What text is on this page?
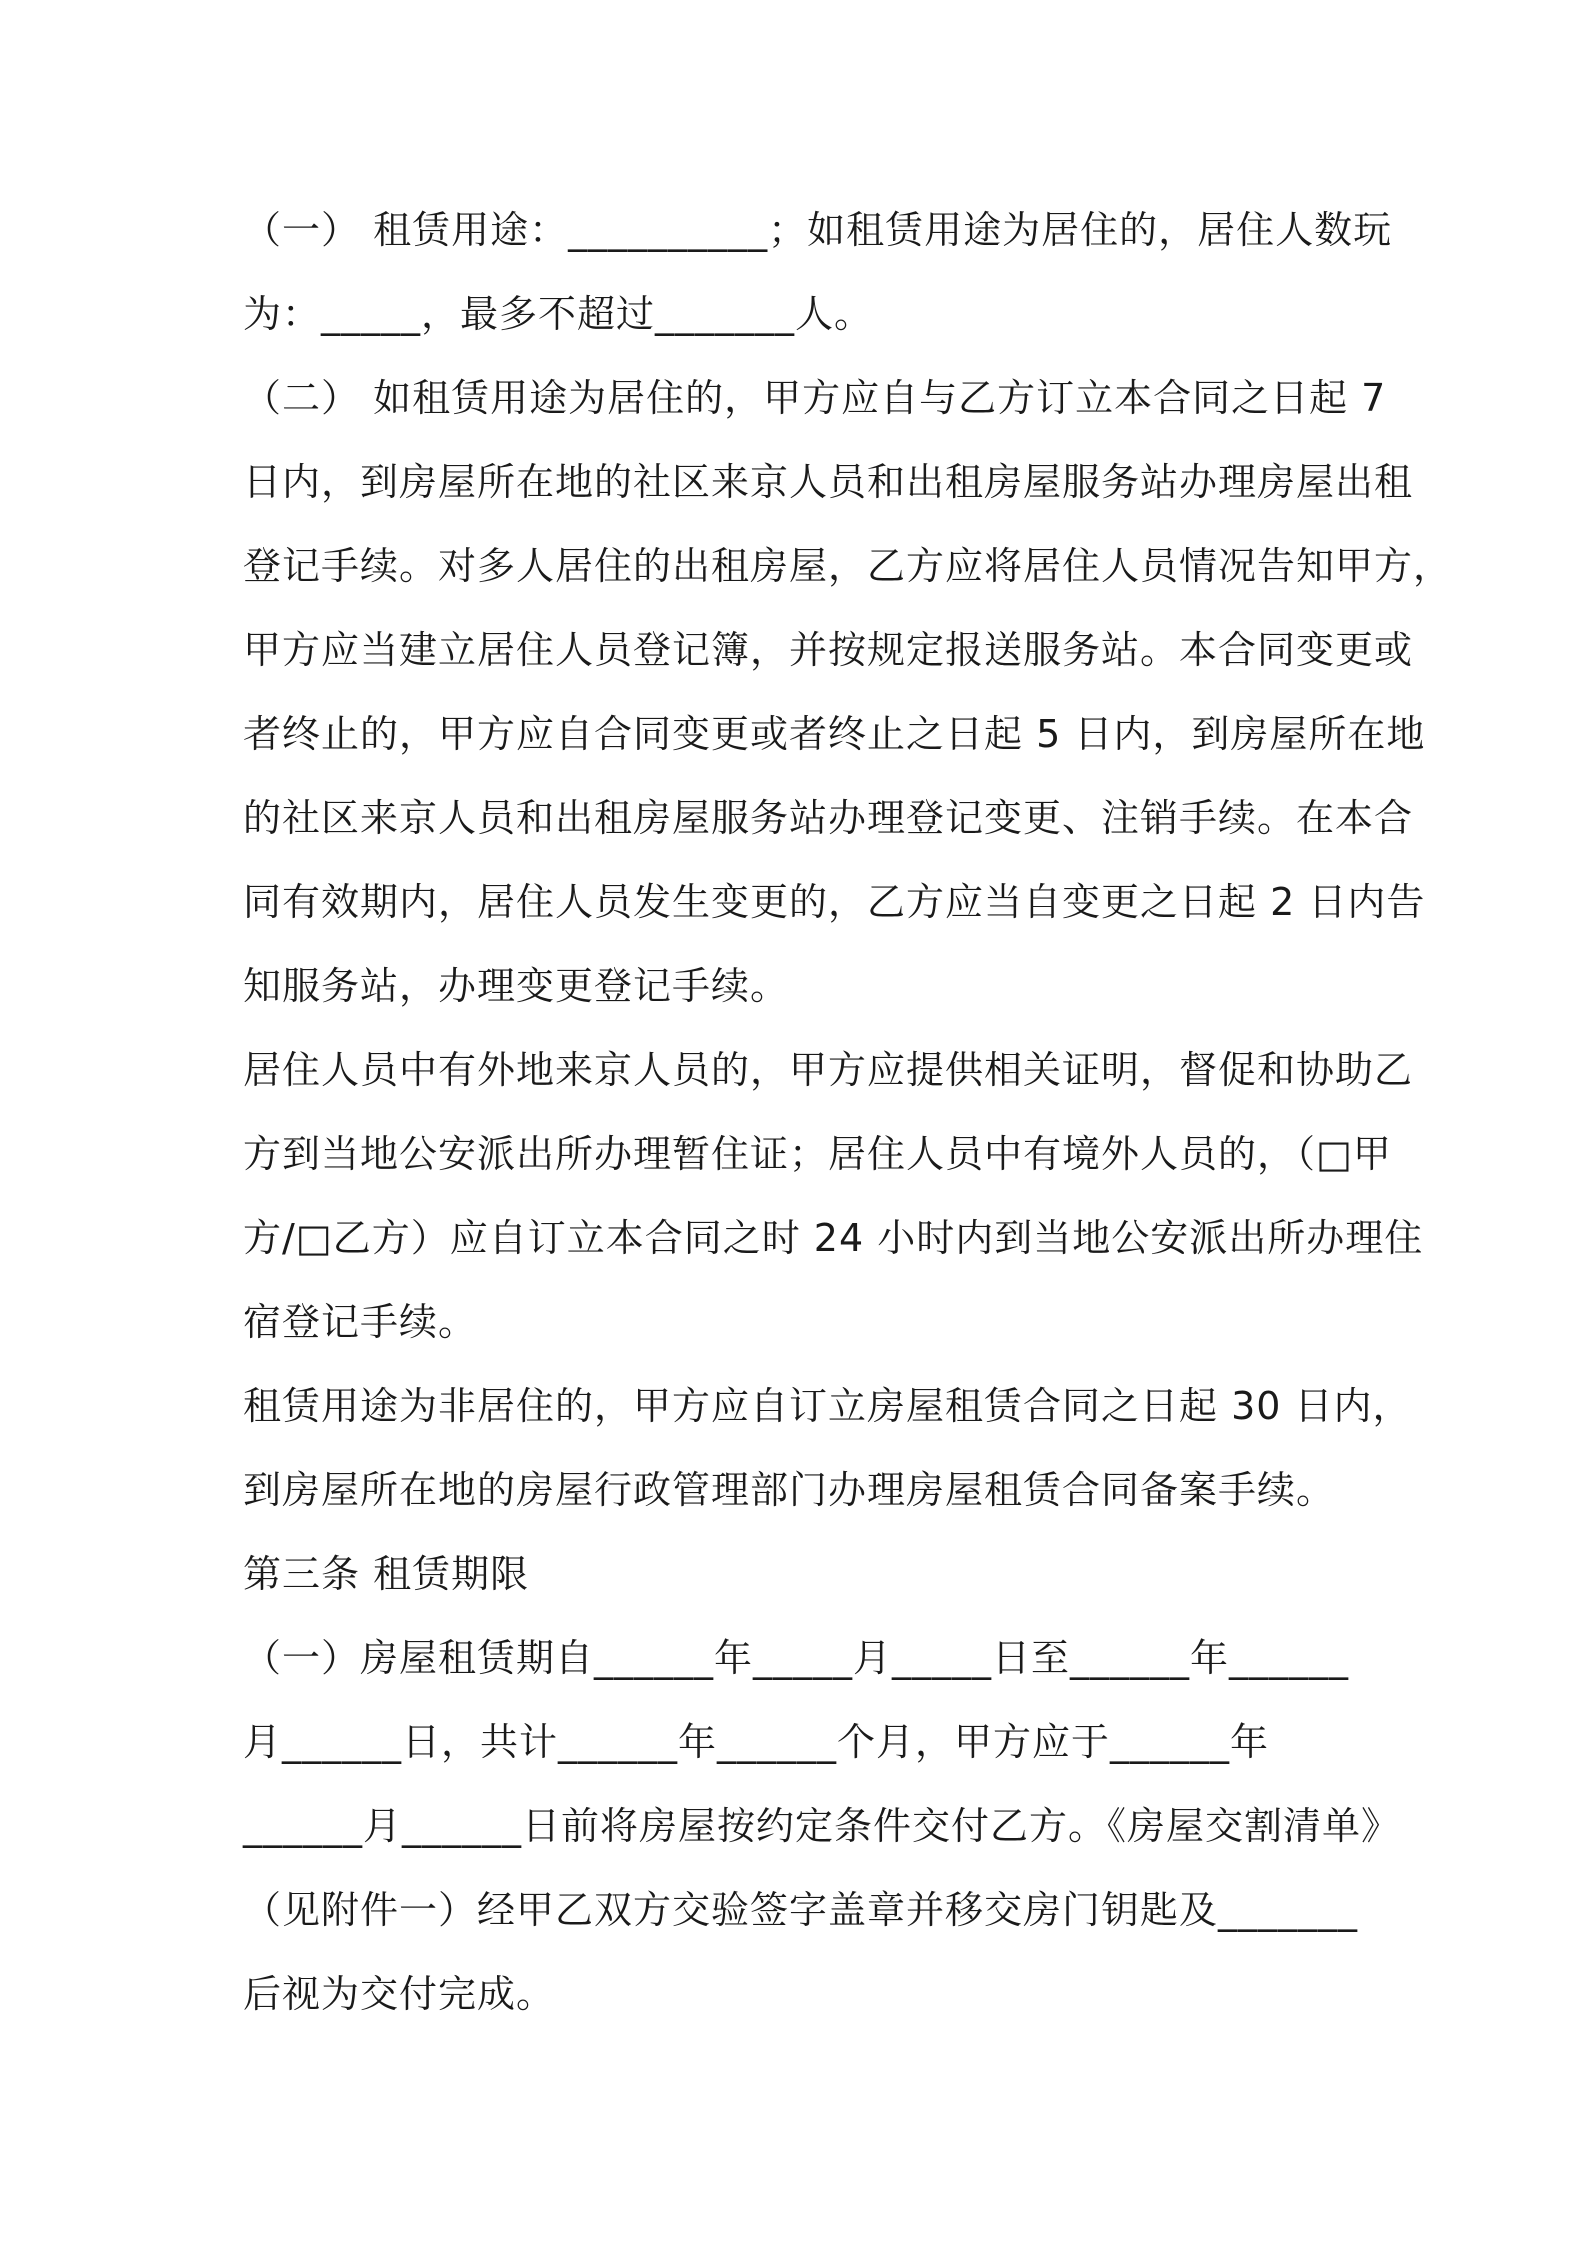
（一） 租赁用途：__________；如租赁用途为居住的，居住人数玩
为：_____，最多不超过_______人。
（二） 如租赁用途为居住的，甲方应自与乙方订立本合同之日起 7
日内，到房屋所在地的社区来京人员和出租房屋服务站办理房屋出租
登记手续。对多人居住的出租房屋，乙方应将居住人员情况告知甲方，
甲方应当建立居住人员登记簿，并按规定报送服务站。本合同变更或
者终止的，甲方应自合同变更或者终止之日起 5 日内，到房屋所在地
的社区来京人员和出租房屋服务站办理登记变更、注销手续。在本合
同有效期内，居住人员发生变更的，乙方应当自变更之日起 2 日内告
知服务站，办理变更登记手续。
居住人员中有外地来京人员的，甲方应提供相关证明，督促和协助乙
方到当地公安派出所办理暂住证；居住人员中有境外人员的，（□甲
方/□乙方）应自订立本合同之时 24 小时内到当地公安派出所办理住
宿登记手续。
租赁用途为非居住的，甲方应自订立房屋租赁合同之日起 30 日内，
到房屋所在地的房屋行政管理部门办理房屋租赁合同备案手续。
第三条 租赁期限
（一）房屋租赁期自______年_____月_____日至______年______
月______日，共计______年______个月，甲方应于______年
______月______日前将房屋按约定条件交付乙方。《房屋交割清单》
（见附件一）经甲乙双方交验签字盖章并移交房门钥匙及_______
后视为交付完成。
